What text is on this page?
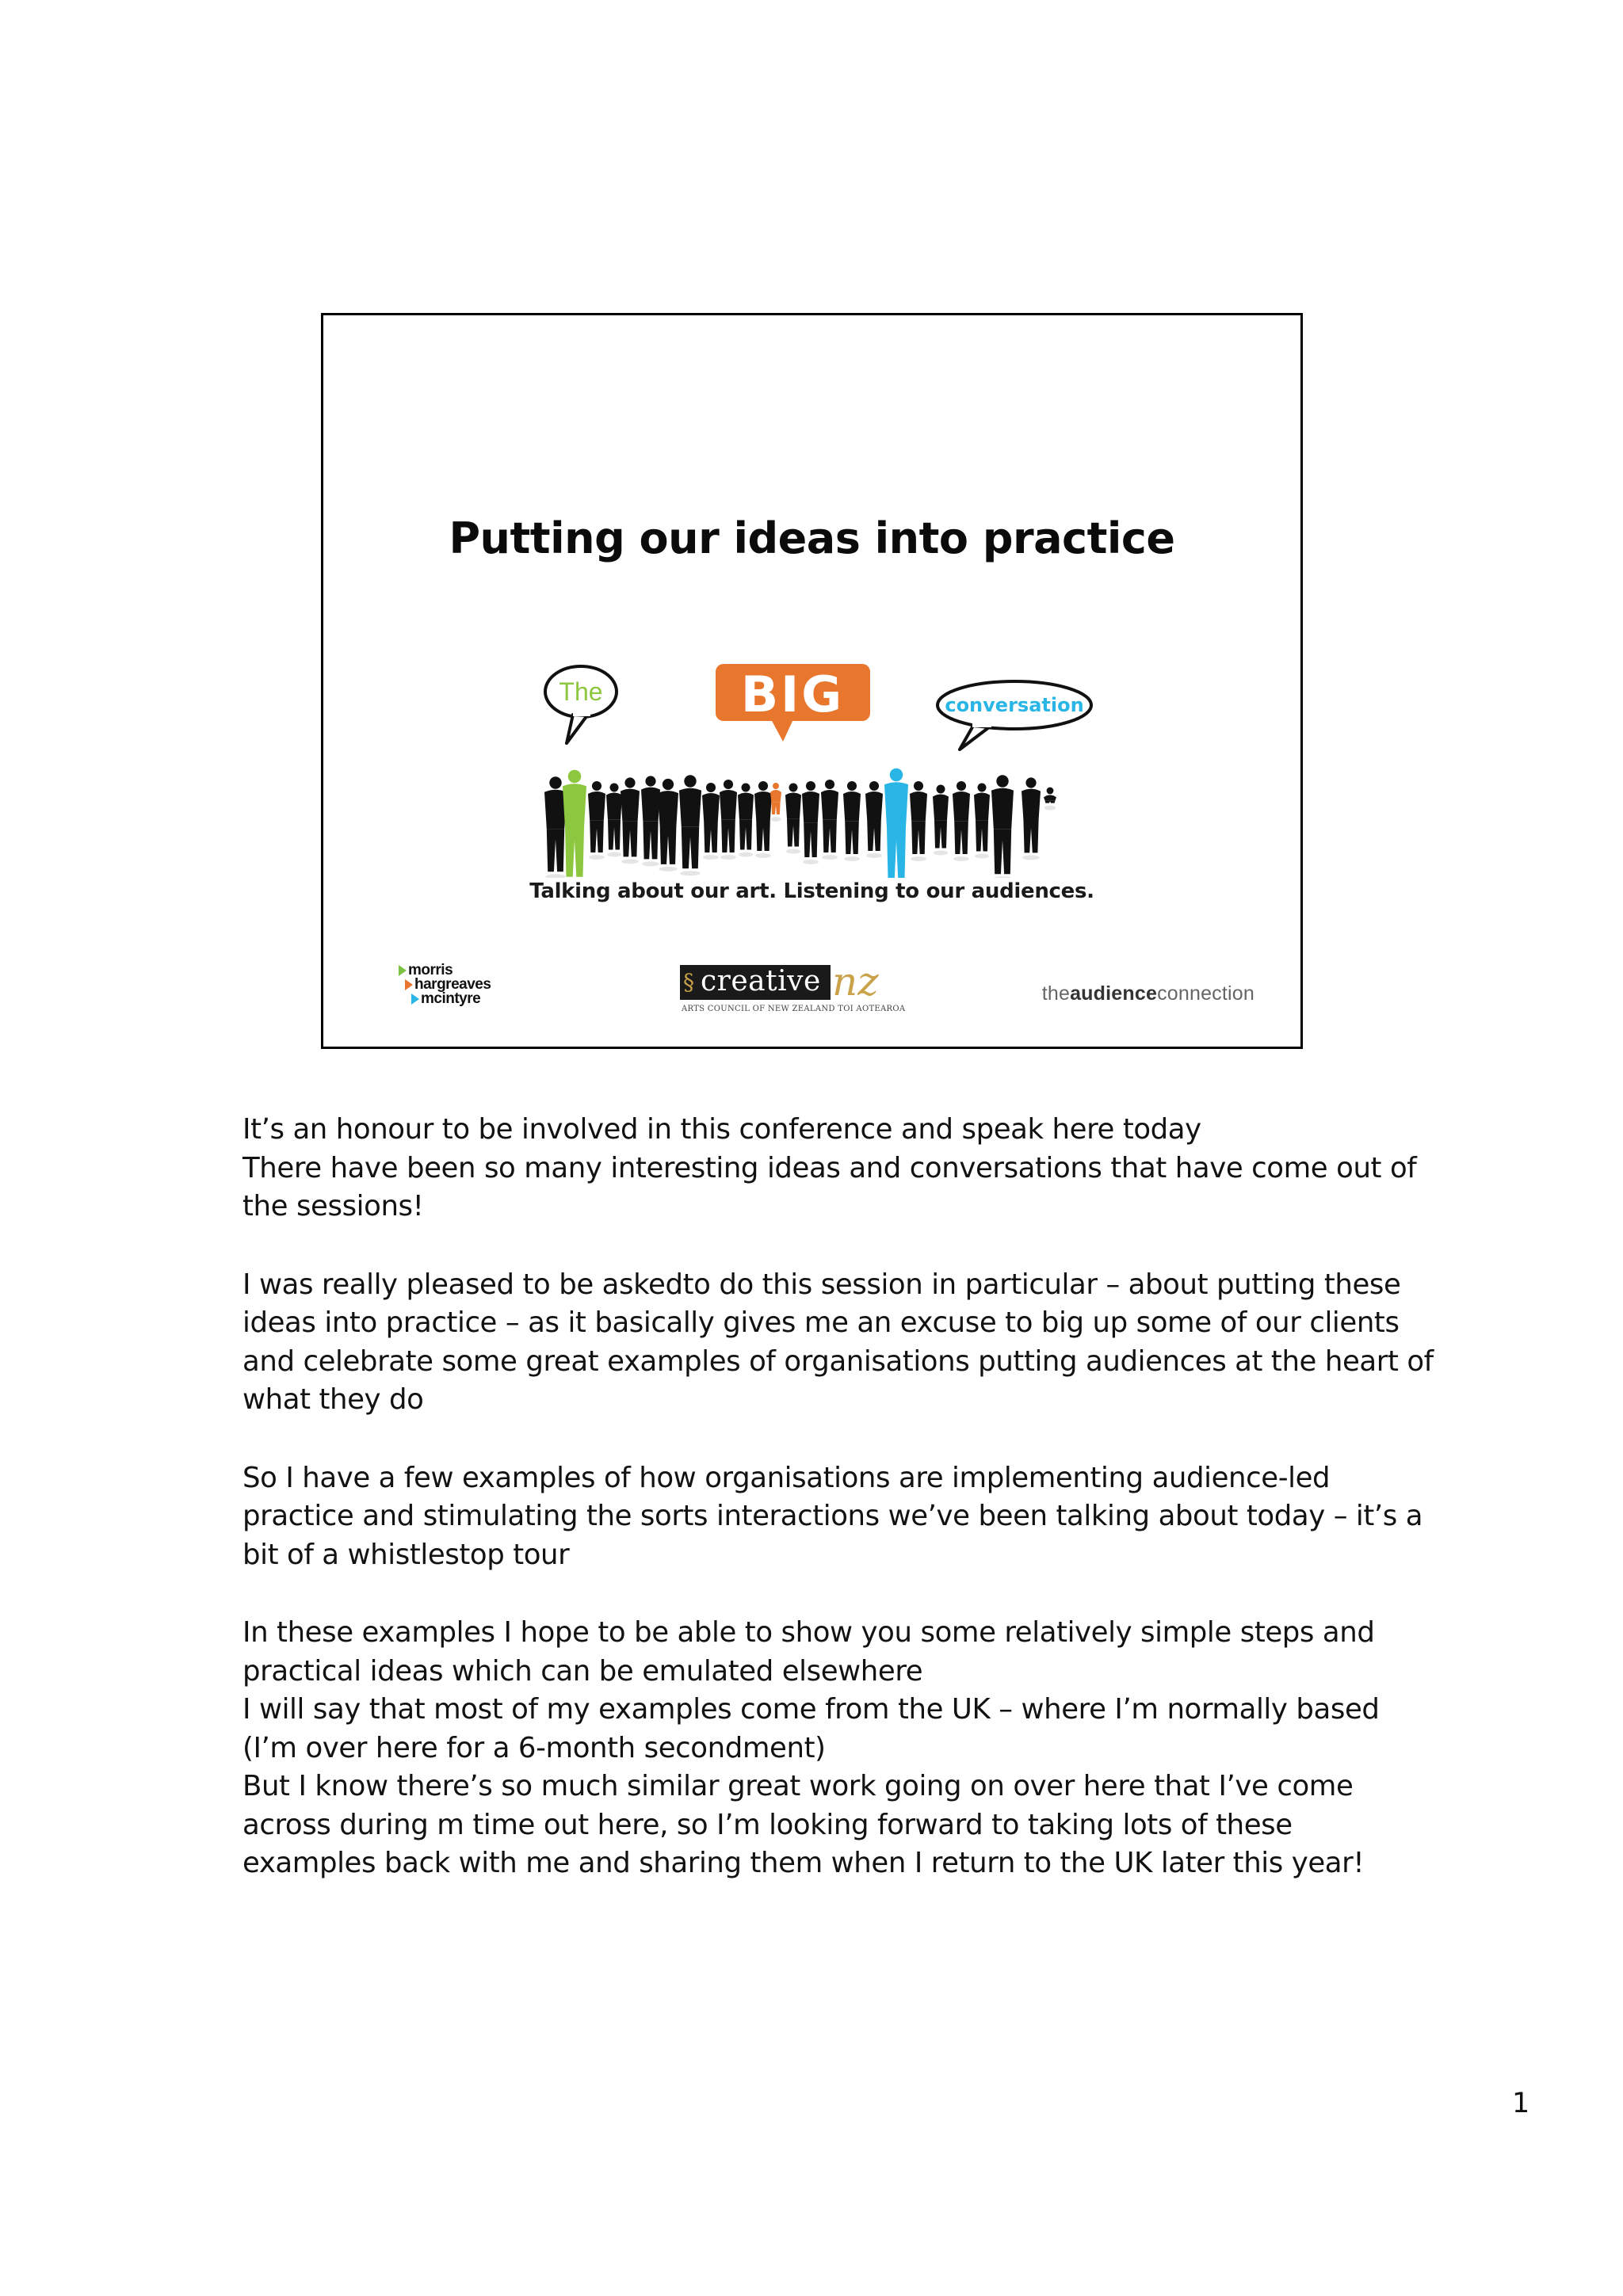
Putting our ideas into practice
The	BIG	conversation
Talking about our art. Listening to our audiences.
morris
hargreaves
mcintyre
§ creative nz
ARTS COUNCIL OF NEW ZEALAND TOI AOTEAROA
theaudienceconnection

It’s an honour to be involved in this conference and speak here today
There have been so many interesting ideas and conversations that have come out of
the sessions!

I was really pleased to be askedto do this session in particular – about putting these
ideas into practice – as it basically gives me an excuse to big up some of our clients
and celebrate some great examples of organisations putting audiences at the heart of
what they do

So I have a few examples of how organisations are implementing audience-led
practice and stimulating the sorts interactions we’ve been talking about today – it’s a
bit of a whistlestop tour

In these examples I hope to be able to show you some relatively simple steps and
practical ideas which can be emulated elsewhere
I will say that most of my examples come from the UK – where I’m normally based
(I’m over here for a 6-month secondment)
But I know there’s so much similar great work going on over here that I’ve come
across during m time out here, so I’m looking forward to taking lots of these
examples back with me and sharing them when I return to the UK later this year!

1
